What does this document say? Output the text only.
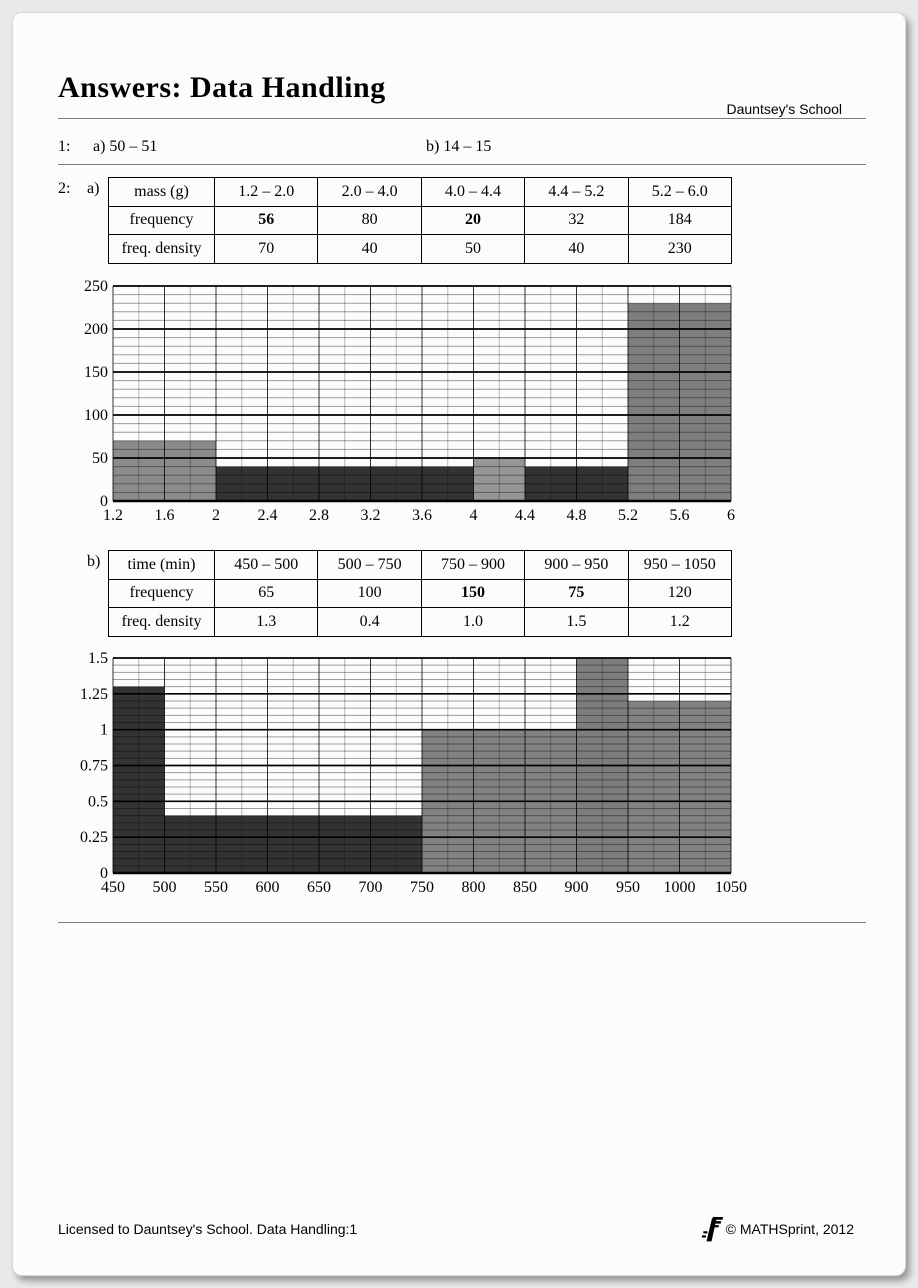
Answers: Data Handling
Dauntsey's School
1: a) 50 – 51	b) 14 – 15
2: a) mass (g)	1.2 – 2.0	2.0 – 4.0	4.0 – 4.4	4.4 – 5.2	5.2 – 6.0
frequency	56	80	20	32	184
freq. density	70	40	50	40	230
1.2 1.6 2 2.4 2.8 3.2 3.6 4 4.4 4.8 5.2 5.6 6
0
50
100
150
200
250
b) time (min)	450 – 500	500 – 750	750 – 900	900 – 950	950 – 1050
frequency	65	100	150	75	120
freq. density	1.3	0.4	1.0	1.5	1.2
450 500 550 600 650 700 750 800 850 900 950 1000 1050
0
0.25
0.5
0.75
1
1.25
1.5
Licensed to Dauntsey's School. Data Handling:1	© MATHSprint, 2012
